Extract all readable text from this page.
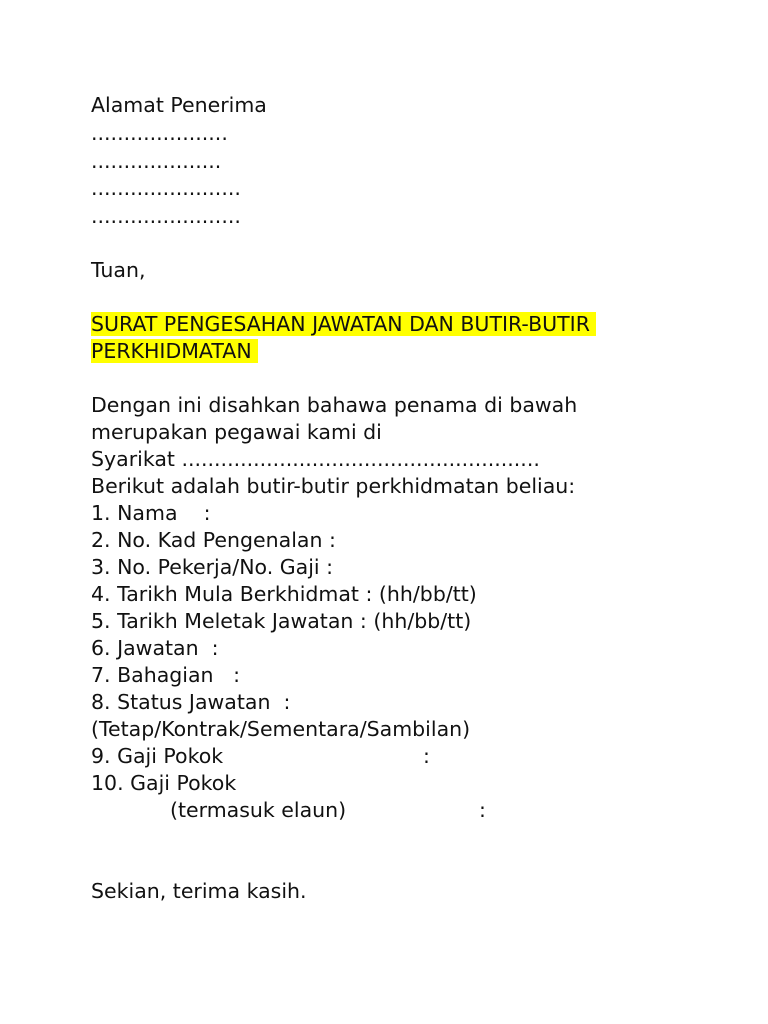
Alamat Penerima
.....................
....................
.......................
.......................
Tuan,
SURAT PENGESAHAN JAWATAN DAN BUTIR-BUTIR
PERKHIDMATAN
Dengan ini disahkan bahawa penama di bawah
merupakan pegawai kami di
Syarikat .......................................................
Berikut adalah butir-butir perkhidmatan beliau:
1. Nama    :
2. No. Kad Pengenalan :
3. No. Pekerja/No. Gaji :
4. Tarikh Mula Berkhidmat : (hh/bb/tt)
5. Tarikh Meletak Jawatan : (hh/bb/tt)
6. Jawatan  :
7. Bahagian   :
8. Status Jawatan  :
(Tetap/Kontrak/Sementara/Sambilan)
9. Gaji Pokok	:
10. Gaji Pokok
(termasuk elaun)	:
Sekian, terima kasih.
